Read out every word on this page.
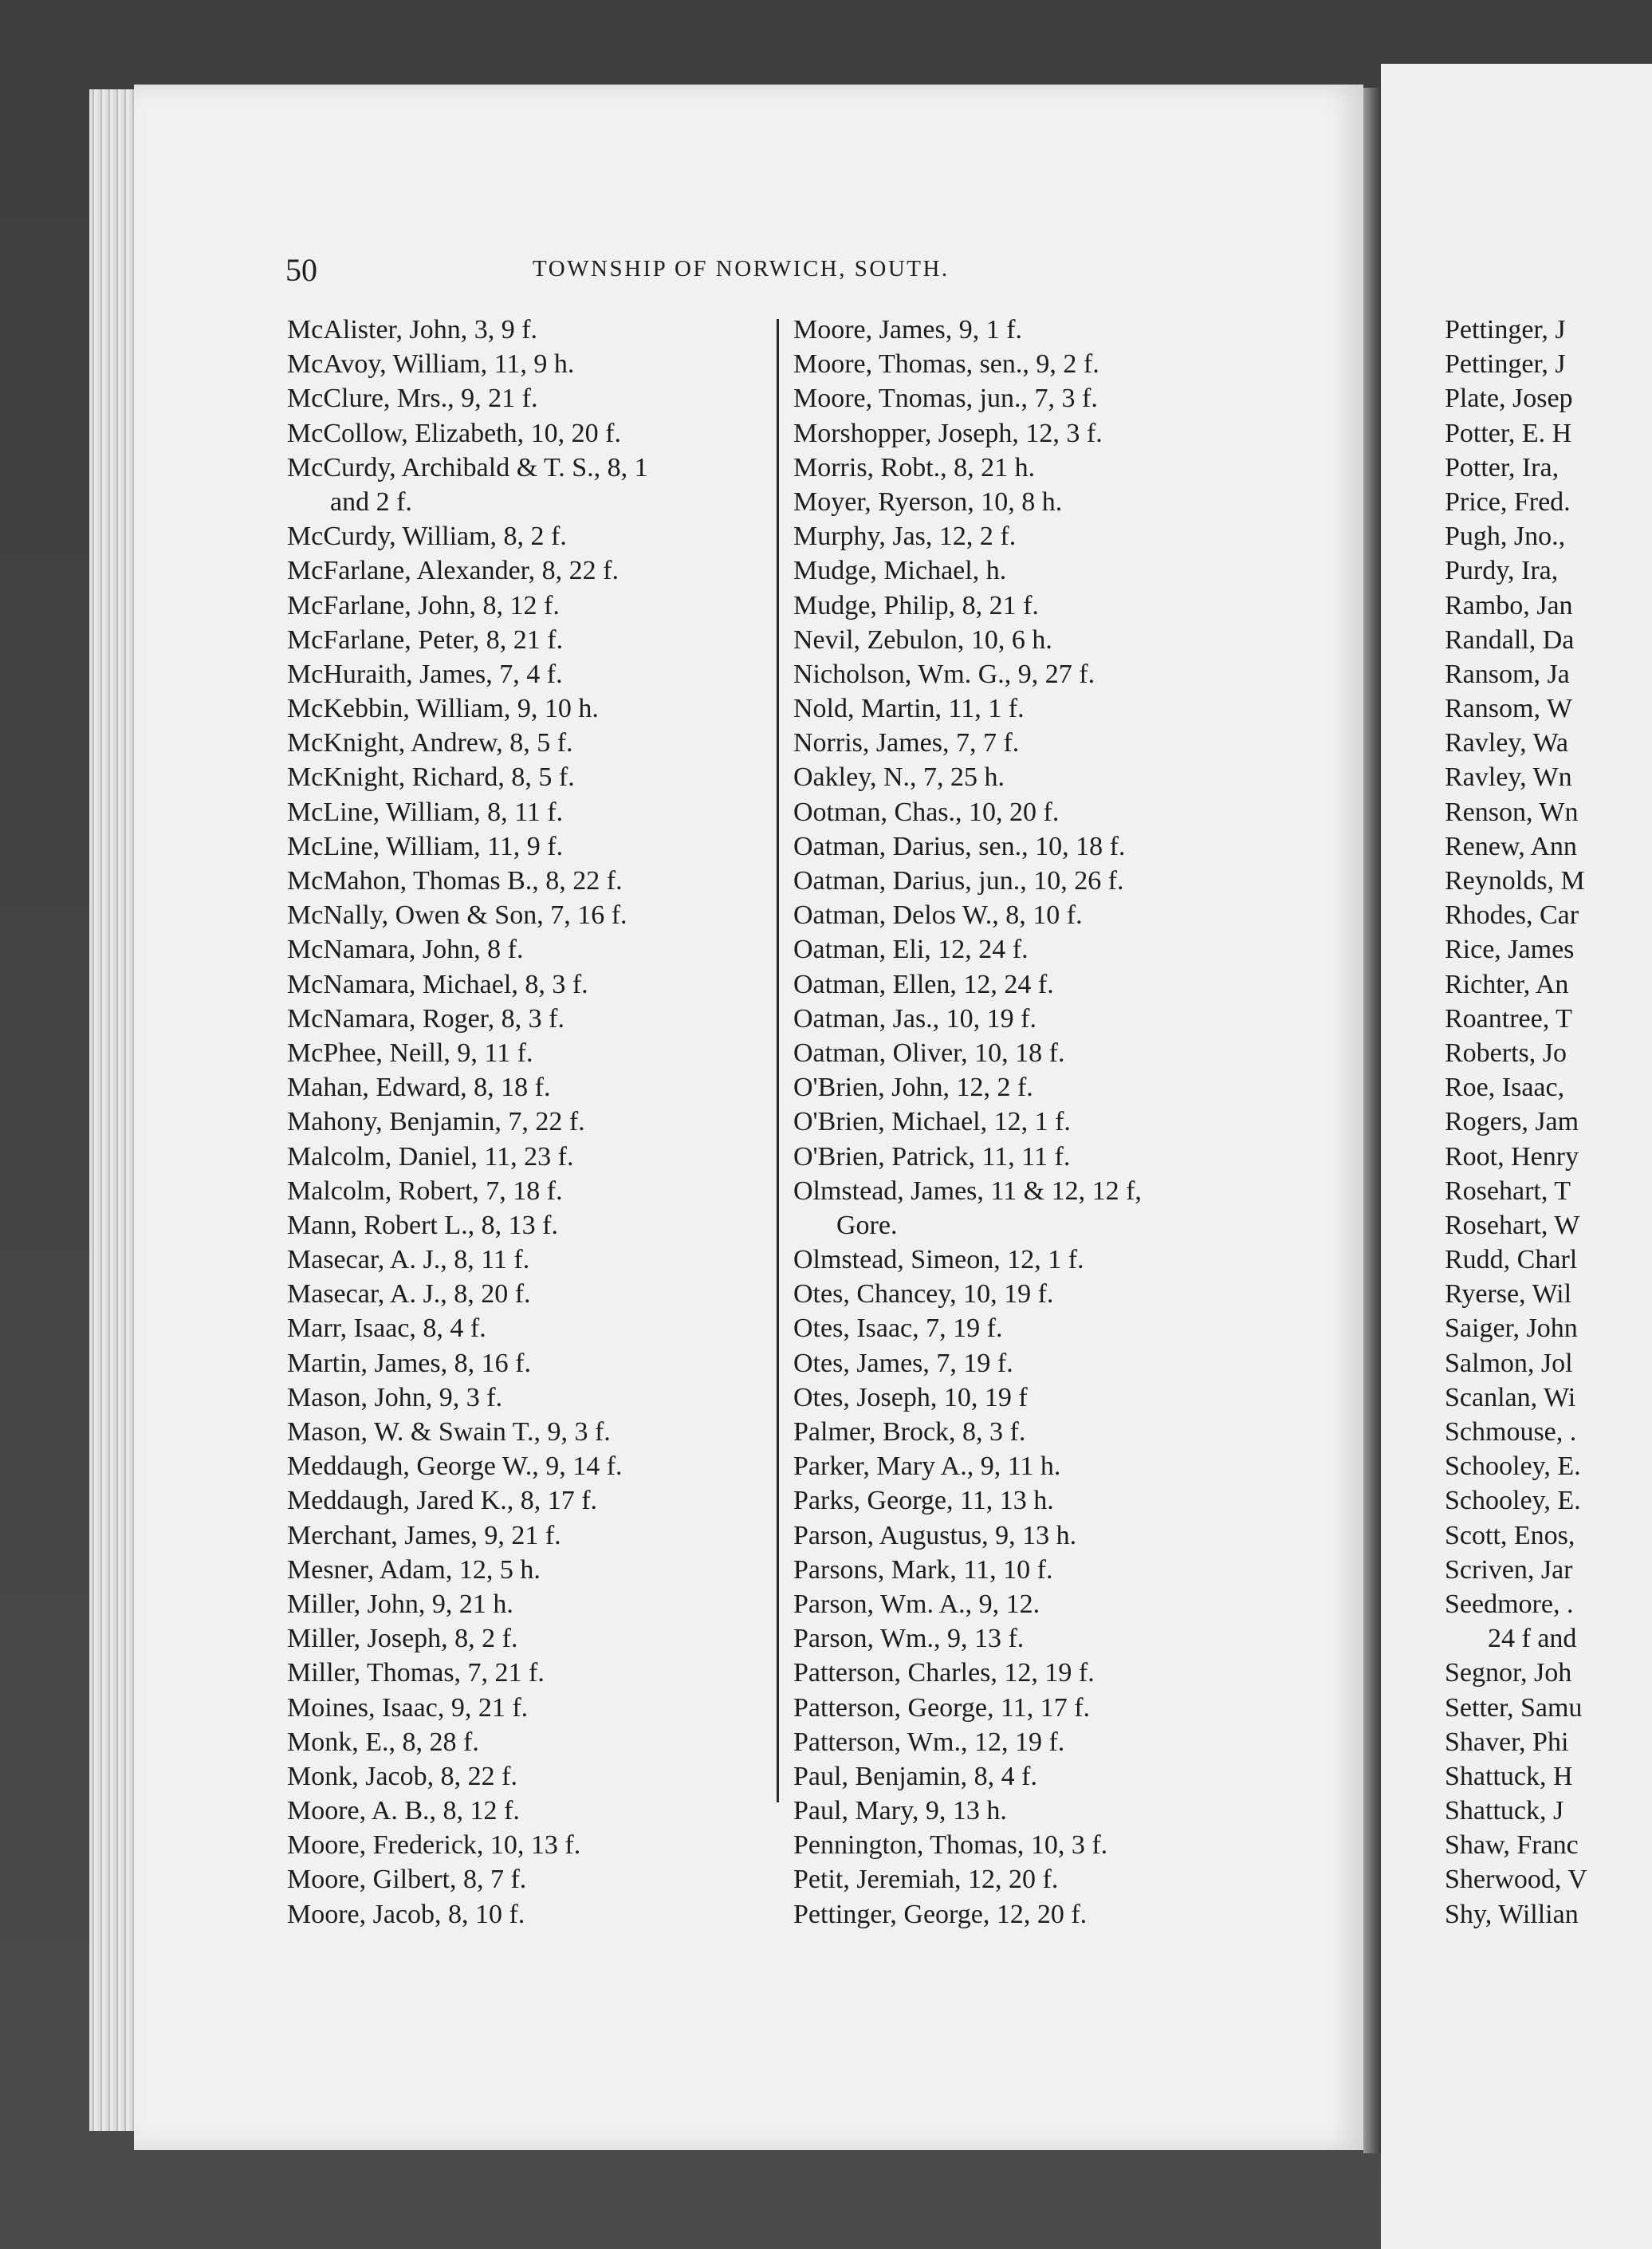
50	TOWNSHIP OF NORWICH, SOUTH.
McAlister, John, 3, 9 f.
McAvoy, William, 11, 9 h.
McClure, Mrs., 9, 21 f.
McCollow, Elizabeth, 10, 20 f.
McCurdy, Archibald & T. S., 8, 1
and 2 f.
McCurdy, William, 8, 2 f.
McFarlane, Alexander, 8, 22 f.
McFarlane, John, 8, 12 f.
McFarlane, Peter, 8, 21 f.
McHuraith, James, 7, 4 f.
McKebbin, William, 9, 10 h.
McKnight, Andrew, 8, 5 f.
McKnight, Richard, 8, 5 f.
McLine, William, 8, 11 f.
McLine, William, 11, 9 f.
McMahon, Thomas B., 8, 22 f.
McNally, Owen & Son, 7, 16 f.
McNamara, John, 8 f.
McNamara, Michael, 8, 3 f.
McNamara, Roger, 8, 3 f.
McPhee, Neill, 9, 11 f.
Mahan, Edward, 8, 18 f.
Mahony, Benjamin, 7, 22 f.
Malcolm, Daniel, 11, 23 f.
Malcolm, Robert, 7, 18 f.
Mann, Robert L., 8, 13 f.
Masecar, A. J., 8, 11 f.
Masecar, A. J., 8, 20 f.
Marr, Isaac, 8, 4 f.
Martin, James, 8, 16 f.
Mason, John, 9, 3 f.
Mason, W. & Swain T., 9, 3 f.
Meddaugh, George W., 9, 14 f.
Meddaugh, Jared K., 8, 17 f.
Merchant, James, 9, 21 f.
Mesner, Adam, 12, 5 h.
Miller, John, 9, 21 h.
Miller, Joseph, 8, 2 f.
Miller, Thomas, 7, 21 f.
Moines, Isaac, 9, 21 f.
Monk, E., 8, 28 f.
Monk, Jacob, 8, 22 f.
Moore, A. B., 8, 12 f.
Moore, Frederick, 10, 13 f.
Moore, Gilbert, 8, 7 f.
Moore, Jacob, 8, 10 f.
Moore, James, 9, 1 f.
Moore, Thomas, sen., 9, 2 f.
Moore, Tnomas, jun., 7, 3 f.
Morshopper, Joseph, 12, 3 f.
Morris, Robt., 8, 21 h.
Moyer, Ryerson, 10, 8 h.
Murphy, Jas, 12, 2 f.
Mudge, Michael, h.
Mudge, Philip, 8, 21 f.
Nevil, Zebulon, 10, 6 h.
Nicholson, Wm. G., 9, 27 f.
Nold, Martin, 11, 1 f.
Norris, James, 7, 7 f.
Oakley, N., 7, 25 h.
Ootman, Chas., 10, 20 f.
Oatman, Darius, sen., 10, 18 f.
Oatman, Darius, jun., 10, 26 f.
Oatman, Delos W., 8, 10 f.
Oatman, Eli, 12, 24 f.
Oatman, Ellen, 12, 24 f.
Oatman, Jas., 10, 19 f.
Oatman, Oliver, 10, 18 f.
O'Brien, John, 12, 2 f.
O'Brien, Michael, 12, 1 f.
O'Brien, Patrick, 11, 11 f.
Olmstead, James, 11 & 12, 12 f,
Gore.
Olmstead, Simeon, 12, 1 f.
Otes, Chancey, 10, 19 f.
Otes, Isaac, 7, 19 f.
Otes, James, 7, 19 f.
Otes, Joseph, 10, 19 f
Palmer, Brock, 8, 3 f.
Parker, Mary A., 9, 11 h.
Parks, George, 11, 13 h.
Parson, Augustus, 9, 13 h.
Parsons, Mark, 11, 10 f.
Parson, Wm. A., 9, 12.
Parson, Wm., 9, 13 f.
Patterson, Charles, 12, 19 f.
Patterson, George, 11, 17 f.
Patterson, Wm., 12, 19 f.
Paul, Benjamin, 8, 4 f.
Paul, Mary, 9, 13 h.
Pennington, Thomas, 10, 3 f.
Petit, Jeremiah, 12, 20 f.
Pettinger, George, 12, 20 f.
Pettinger, J
Pettinger, J
Plate, Josep
Potter, E. H
Potter, Ira,
Price, Fred.
Pugh, Jno.,
Purdy, Ira,
Rambo, Jan
Randall, Da
Ransom, Ja
Ransom, W
Ravley, Wa
Ravley, Wn
Renson, Wn
Renew, Ann
Reynolds, M
Rhodes, Car
Rice, James
Richter, An
Roantree, T
Roberts, Jo
Roe, Isaac,
Rogers, Jam
Root, Henry
Rosehart, T
Rosehart, W
Rudd, Charl
Ryerse, Wil
Saiger, John
Salmon, Jol
Scanlan, Wi
Schmouse, .
Schooley, E.
Schooley, E.
Scott, Enos,
Scriven, Jar
Seedmore, .
24 f and
Segnor, Joh
Setter, Samu
Shaver, Phi
Shattuck, H
Shattuck, J
Shaw, Franc
Sherwood, V
Shy, Willian
